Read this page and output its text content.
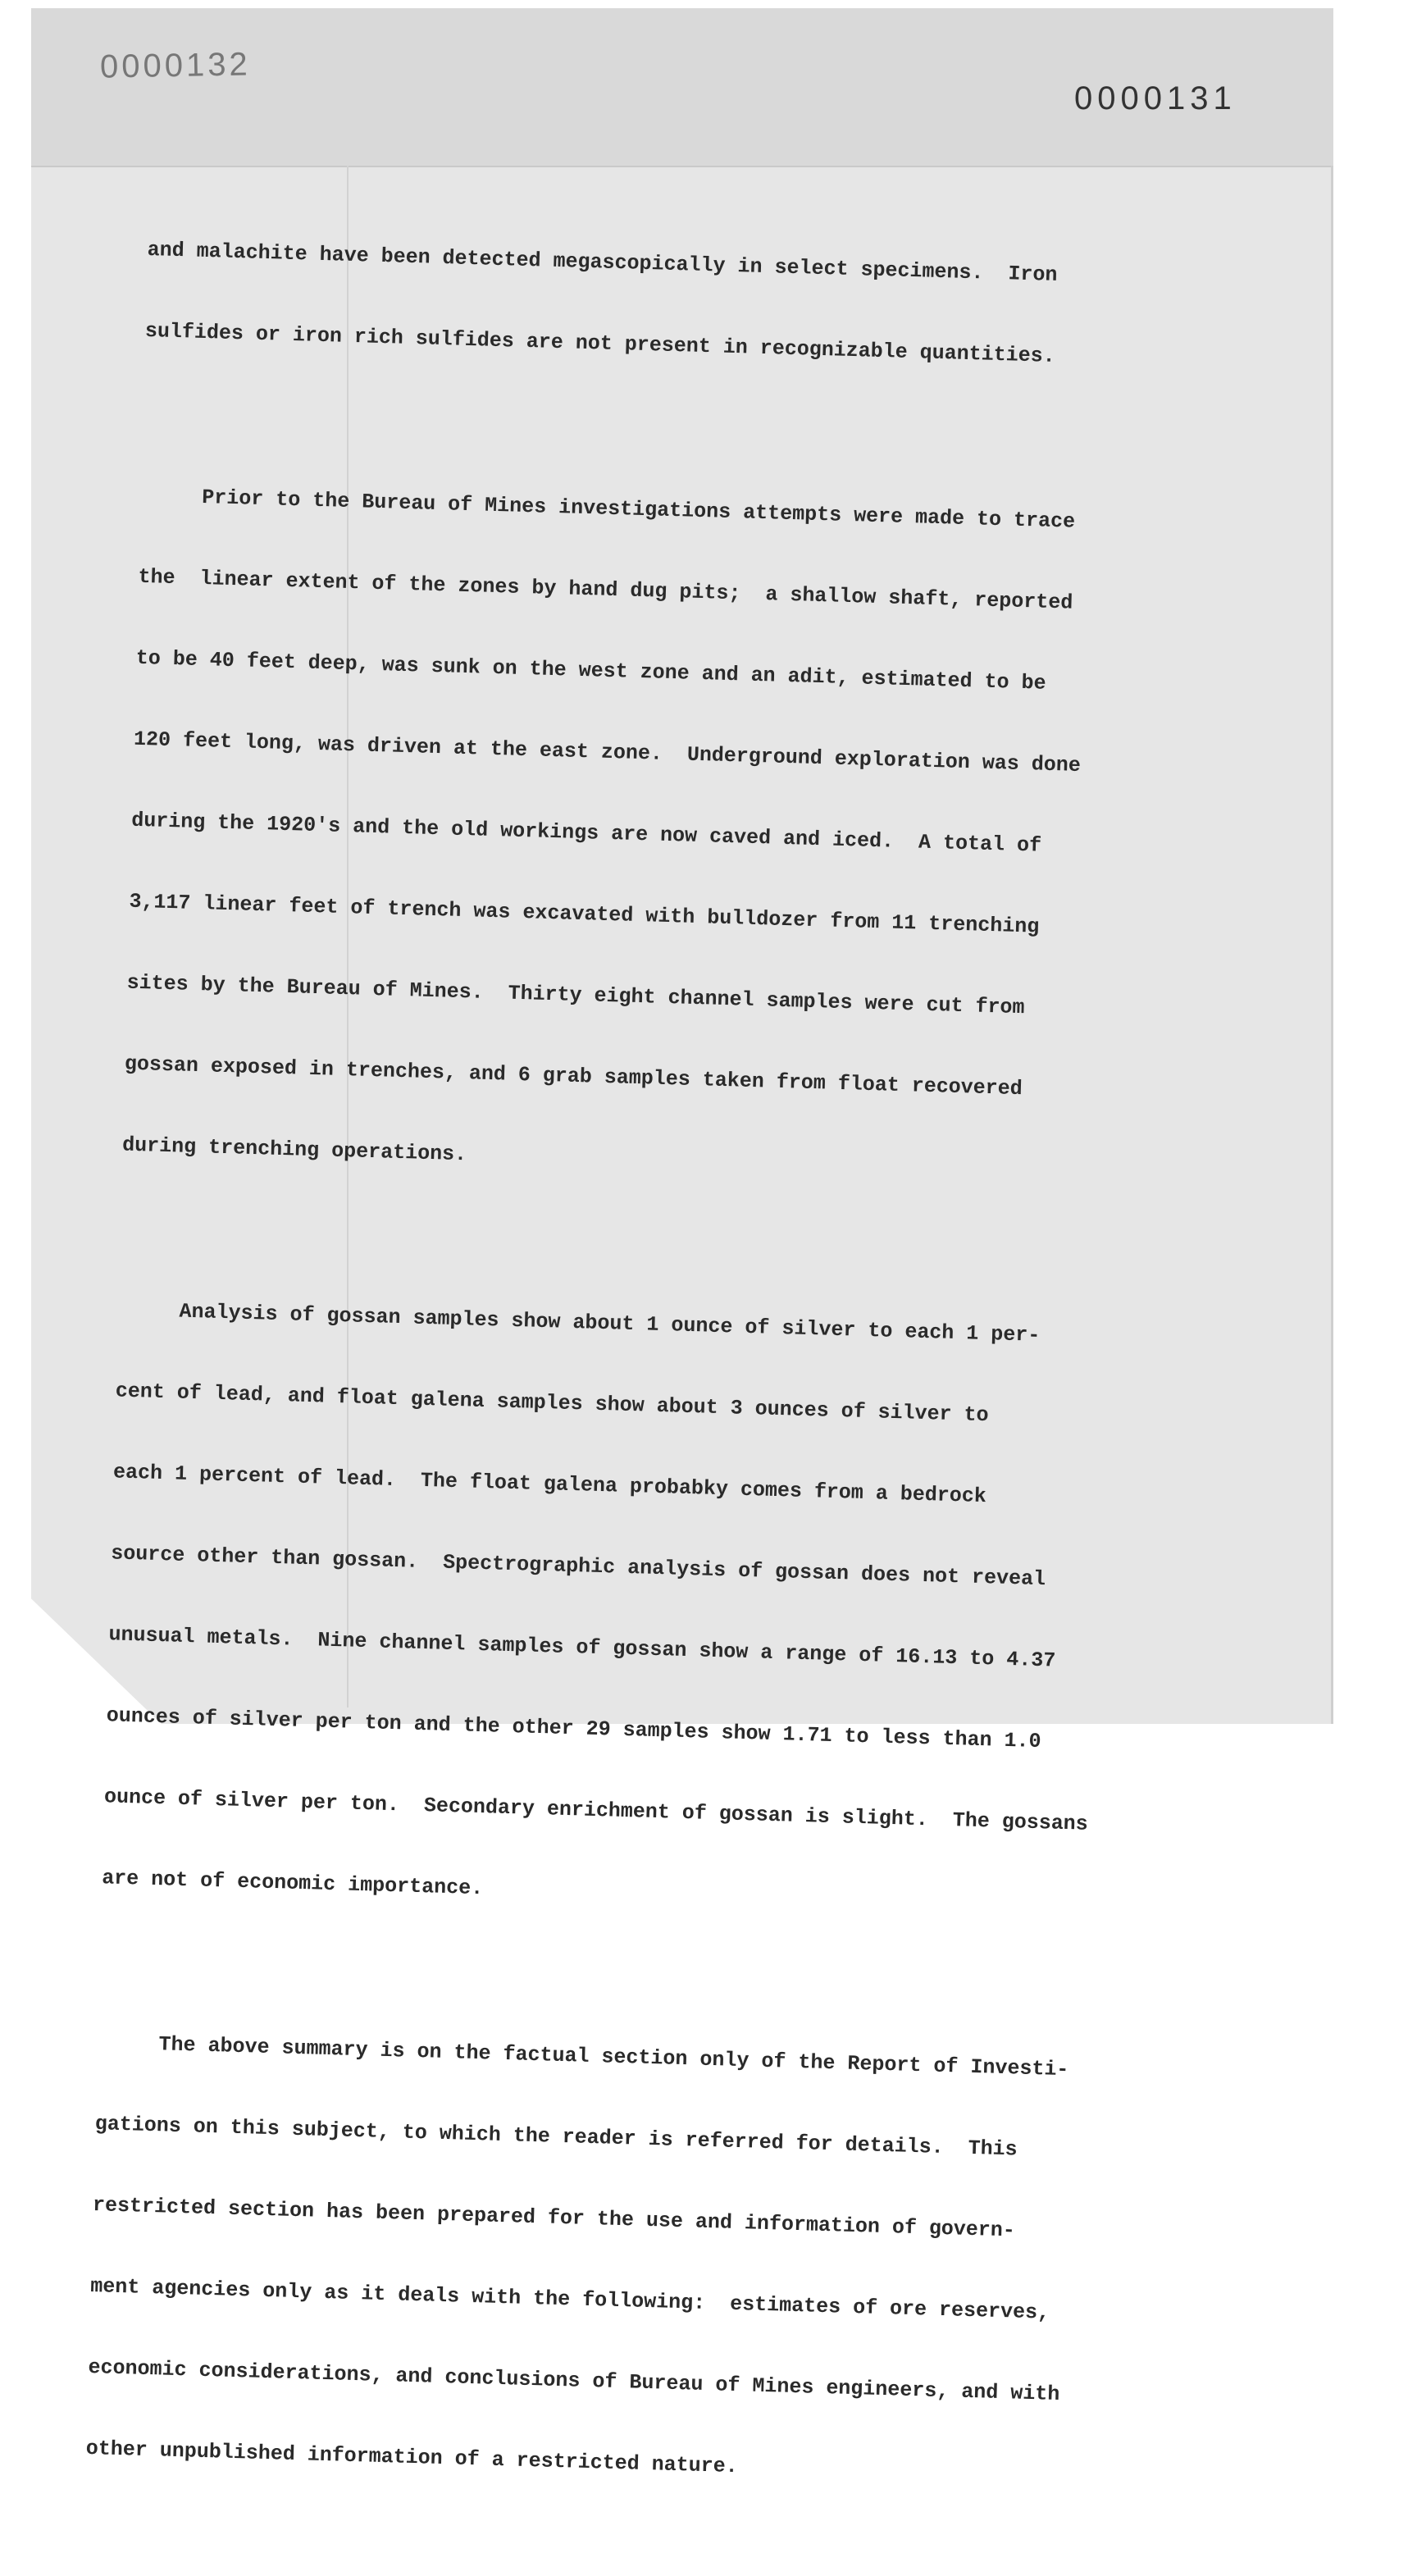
0000132
0000131

and malachite have been detected megascopically in select specimens.  Iron

sulfides or iron rich sulfides are not present in recognizable quantities.

Prior to the Bureau of Mines investigations attempts were made to trace

the  linear extent of the zones by hand dug pits;  a shallow shaft, reported

to be 40 feet deep, was sunk on the west zone and an adit, estimated to be

120 feet long, was driven at the east zone.  Underground exploration was done

during the 1920's and the old workings are now caved and iced.  A total of

3,117 linear feet of trench was excavated with bulldozer from 11 trenching

sites by the Bureau of Mines.  Thirty eight channel samples were cut from

gossan exposed in trenches, and 6 grab samples taken from float recovered

during trenching operations.

Analysis of gossan samples show about 1 ounce of silver to each 1 per-

cent of lead, and float galena samples show about 3 ounces of silver to

each 1 percent of lead.  The float galena probabky comes from a bedrock

source other than gossan.  Spectrographic analysis of gossan does not reveal

unusual metals.  Nine channel samples of gossan show a range of 16.13 to 4.37

ounces of silver per ton and the other 29 samples show 1.71 to less than 1.0

ounce of silver per ton.  Secondary enrichment of gossan is slight.  The gossans

are not of economic importance.

The above summary is on the factual section only of the Report of Investi-

gations on this subject, to which the reader is referred for details.  This

restricted section has been prepared for the use and information of govern-

ment agencies only as it deals with the following:  estimates of ore reserves,

economic considerations, and conclusions of Bureau of Mines engineers, and with

other unpublished information of a restricted nature.
